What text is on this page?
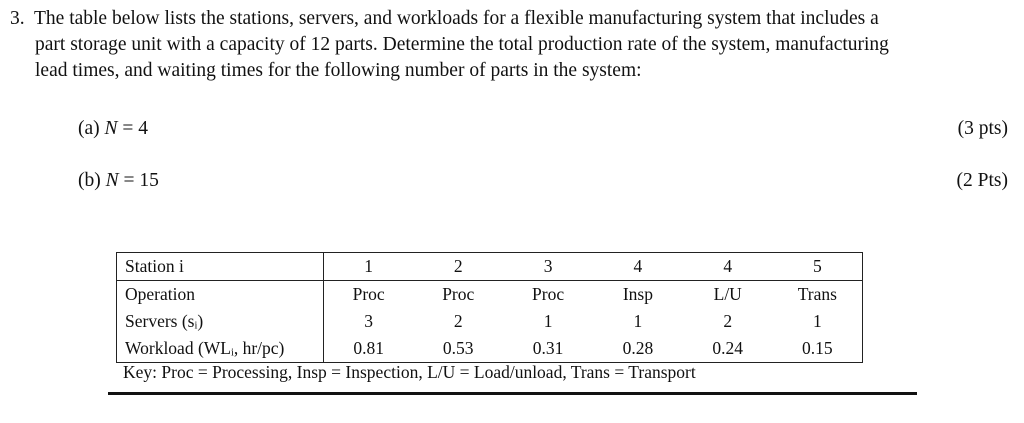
3. The table below lists the stations, servers, and workloads for a flexible manufacturing system that includes a
part storage unit with a capacity of 12 parts. Determine the total production rate of the system, manufacturing
lead times, and waiting times for the following number of parts in the system:
(a) N = 4	(3 pts)
(b) N = 15	(2 Pts)
Station i	1	2	3	4	4	5
Operation	Proc	Proc	Proc	Insp	L/U	Trans
Servers (sᵢ)	3	2	1	1	2	1
Workload (WLᵢ, hr/pc)	0.81	0.53	0.31	0.28	0.24	0.15
Key: Proc = Processing, Insp = Inspection, L/U = Load/unload, Trans = Transport
